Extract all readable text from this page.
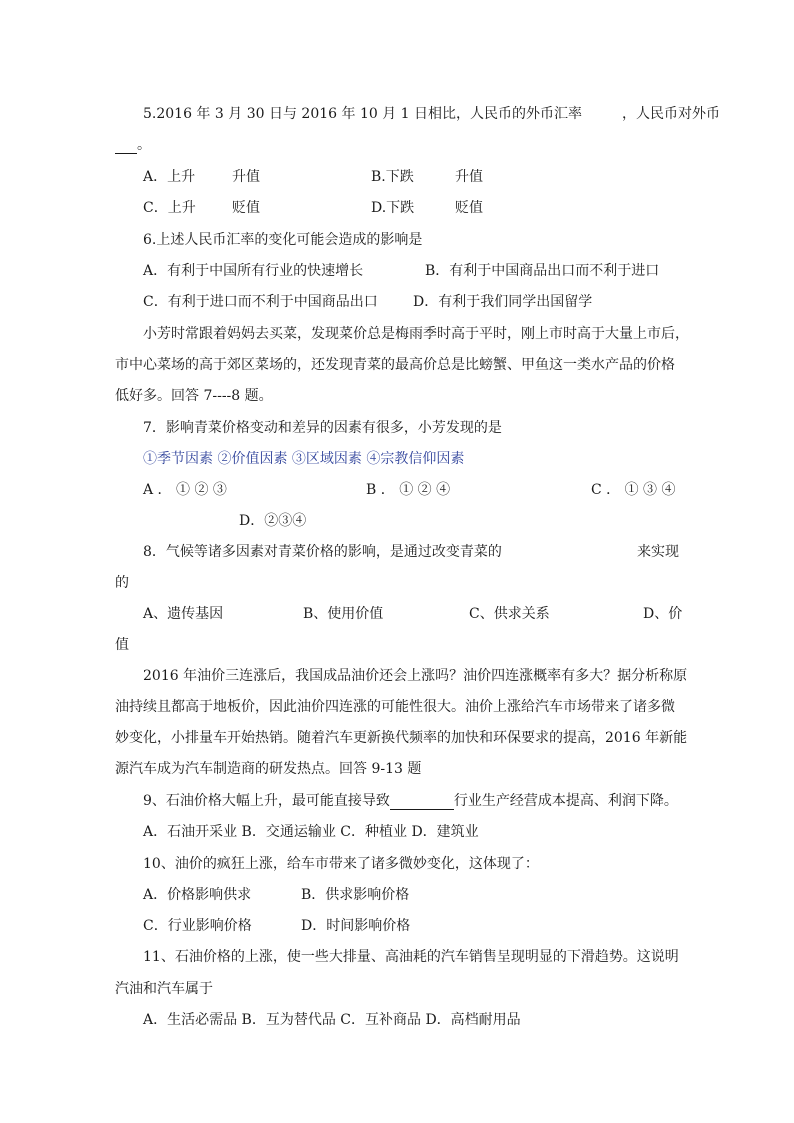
5.2016 年 3 月 30 日与 2016 年 10 月 1 日相比，人民币的外币汇率	，人民币对外币
。
A．上升	升值	B.下跌	升值
C．上升	贬值	D.下跌	贬值
6.上述人民币汇率的变化可能会造成的影响是
A．有利于中国所有行业的快速增长	B．有利于中国商品出口而不利于进口
C．有利于进口而不利于中国商品出口	D．有利于我们同学出国留学
小芳时常跟着妈妈去买菜，发现菜价总是梅雨季时高于平时，刚上市时高于大量上市后，
市中心菜场的高于郊区菜场的，还发现青菜的最高价总是比螃蟹、甲鱼这一类水产品的价格
低好多。回答 7----8 题。
7．影响青菜价格变动和差异的因素有很多，小芳发现的是
①季节因素 ②价值因素 ③区域因素 ④宗教信仰因素
A ． ① ② ③	B ． ① ② ④	C ． ① ③ ④
D．②③④
8．气候等诸多因素对青菜价格的影响，是通过改变青菜的	来实现
的
A、遗传基因	B、使用价值	C、供求关系	D、价
值
2016 年油价三连涨后，我国成品油价还会上涨吗？油价四连涨概率有多大？据分析称原
油持续且都高于地板价，因此油价四连涨的可能性很大。油价上涨给汽车市场带来了诸多微
妙变化，小排量车开始热销。随着汽车更新换代频率的加快和环保要求的提高，2016 年新能
源汽车成为汽车制造商的研发热点。回答 9-13 题
9、石油价格大幅上升，最可能直接导致	行业生产经营成本提高、利润下降。
A．石油开采业 B．交通运输业 C．种植业 D．建筑业
10、油价的疯狂上涨，给车市带来了诸多微妙变化，这体现了：
A．价格影响供求	B．供求影响价格
C．行业影响价格	D．时间影响价格
11、石油价格的上涨，使一些大排量、高油耗的汽车销售呈现明显的下滑趋势。这说明
汽油和汽车属于
A．生活必需品 B．互为替代品 C．互补商品 D．高档耐用品
